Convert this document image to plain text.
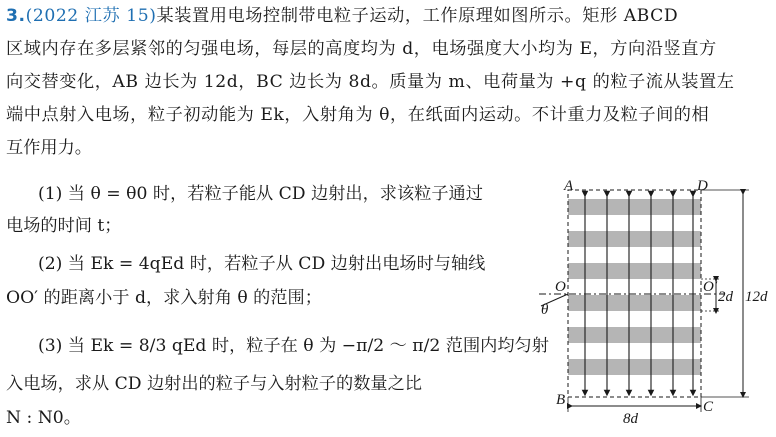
3.(2022 江苏 15)某装置用电场控制带电粒子运动，工作原理如图所示。矩形 ABCD
区域内存在多层紧邻的匀强电场，每层的高度均为 d，电场强度大小均为 E，方向沿竖直方
向交替变化，AB 边长为 12d，BC 边长为 8d。质量为 m、电荷量为 +q 的粒子流从装置左
端中点射入电场，粒子初动能为 Ek，入射角为 θ，在纸面内运动。不计重力及粒子间的相
互作用力。
(1) 当 θ = θ0 时，若粒子能从 CD 边射出，求该粒子通过
电场的时间 t；
(2) 当 Ek = 4qEd 时，若粒子从 CD 边射出电场时与轴线
OO′ 的距离小于 d，求入射角 θ 的范围；
(3) 当 Ek = 8/3 qEd 时，粒子在 θ 为 −π/2 ～ π/2 范围内均匀射
入电场，求从 CD 边射出的粒子与入射粒子的数量之比
N : N0。
A	D
B	C
O	O′
θ
2d 12d
8d
